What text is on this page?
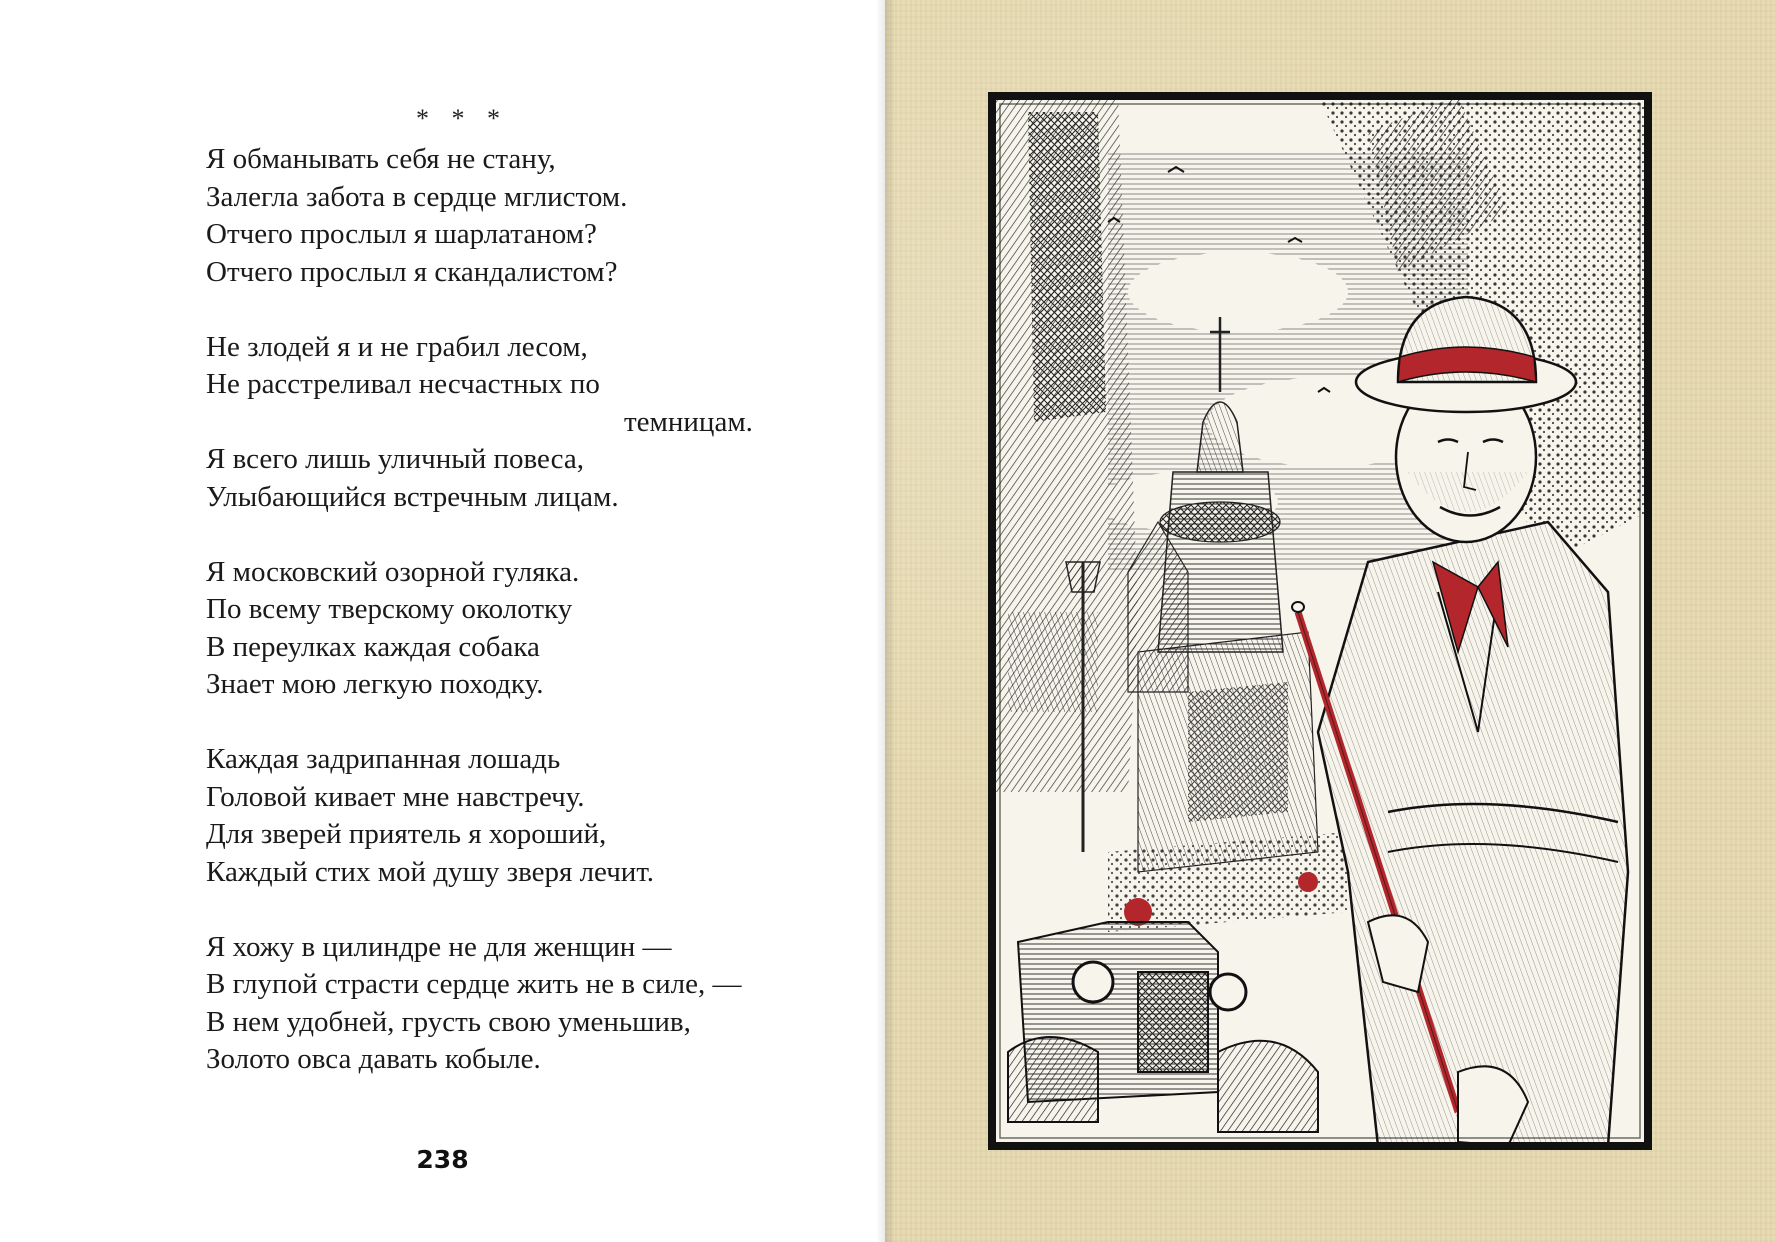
* * *
Я обманывать себя не стану,
Залегла забота в сердце мглистом.
Отчего прослыл я шарлатаном?
Отчего прослыл я скандалистом?
Не злодей я и не грабил лесом,
Не расстреливал несчастных по
темницам.
Я всего лишь уличный повеса,
Улыбающийся встречным лицам.
Я московский озорной гуляка.
По всему тверскому околотку
В переулках каждая собака
Знает мою легкую походку.
Каждая задрипанная лошадь
Головой кивает мне навстречу.
Для зверей приятель я хороший,
Каждый стих мой душу зверя лечит.
Я хожу в цилиндре не для женщин —
В глупой страсти сердце жить не в силе, —
В нем удобней, грусть свою уменьшив,
Золото овса давать кобыле.
238
